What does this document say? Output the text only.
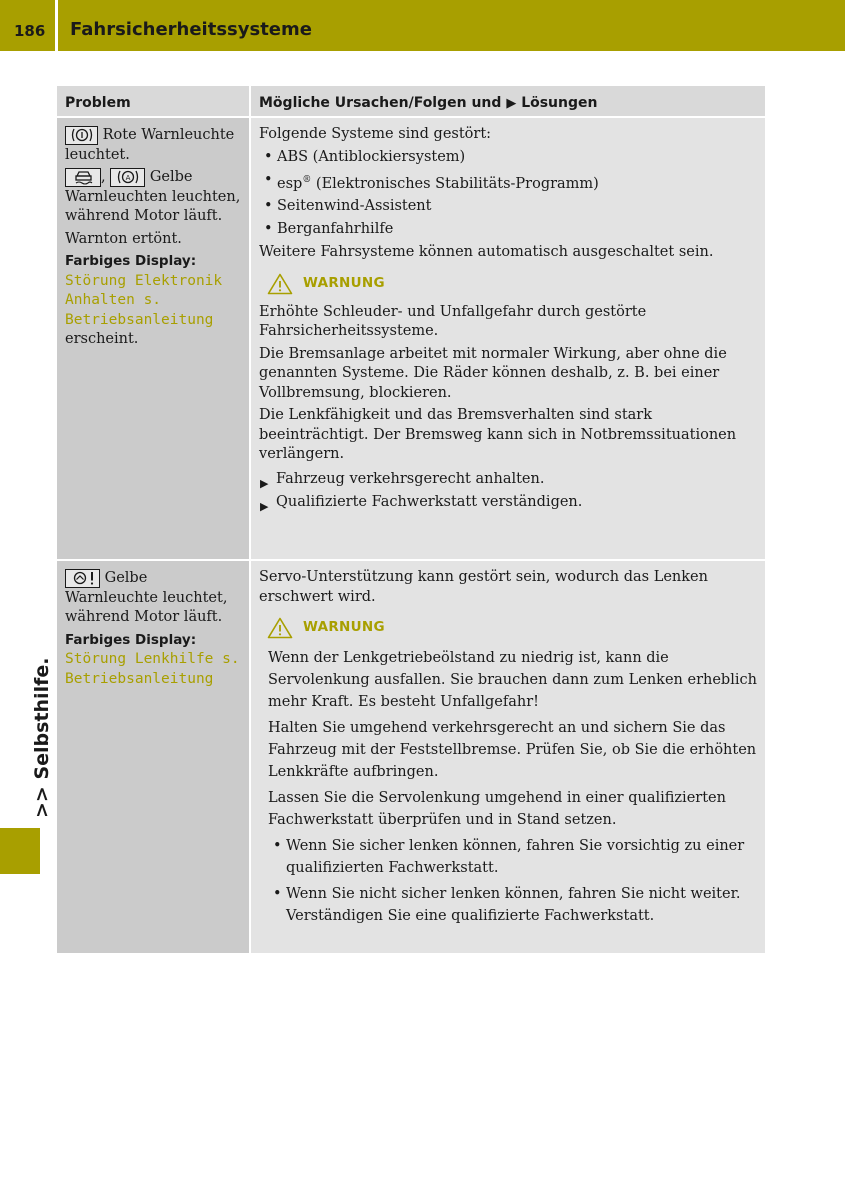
186 Fahrsicherheitssysteme
>> Selbsthilfe.
Problem	Mögliche Ursachen/Folgen und ▶ Lösungen
Rote Warnleuchte leuchtet.
,	A Gelbe Warnleuchten leuchten, während Motor läuft.
Warnton ertönt.
Farbiges Display: Störung Elektronik Anhalten s. Betriebsanleitung erscheint.
Folgende Systeme sind gestört:
• ABS (Antiblockiersystem)
• esp® (Elektronisches Stabilitäts-Programm)
• Seitenwind-Assistent
• Berganfahrhilfe
Weitere Fahrsysteme können automatisch ausgeschaltet sein.
WARNUNG
Erhöhte Schleuder- und Unfallgefahr durch gestörte Fahrsicherheitssysteme.
Die Bremsanlage arbeitet mit normaler Wirkung, aber ohne die genannten Systeme. Die Räder können deshalb, z. B. bei einer Vollbremsung, blockieren.
Die Lenkfähigkeit und das Bremsverhalten sind stark beeinträchtigt. Der Bremsweg kann sich in Notbremssituationen verlängern.
▶ Fahrzeug verkehrsgerecht anhalten.
▶ Qualifizierte Fachwerkstatt verständigen.
Gelbe Warnleuchte leuchtet, während Motor läuft.
Farbiges Display: Störung Lenkhilfe s. Betriebsanleitung
Servo-Unterstützung kann gestört sein, wodurch das Lenken erschwert wird.
WARNUNG
Wenn der Lenkgetriebeölstand zu niedrig ist, kann die Servolenkung ausfallen. Sie brauchen dann zum Lenken erheblich mehr Kraft. Es besteht Unfallgefahr!
Halten Sie umgehend verkehrsgerecht an und sichern Sie das Fahrzeug mit der Feststellbremse. Prüfen Sie, ob Sie die erhöhten Lenkkräfte aufbringen.
Lassen Sie die Servolenkung umgehend in einer qualifizierten Fachwerkstatt überprüfen und in Stand setzen.
• Wenn Sie sicher lenken können, fahren Sie vorsichtig zu einer qualifizierten Fachwerkstatt.
• Wenn Sie nicht sicher lenken können, fahren Sie nicht weiter. Verständigen Sie eine qualifizierte Fachwerkstatt.
